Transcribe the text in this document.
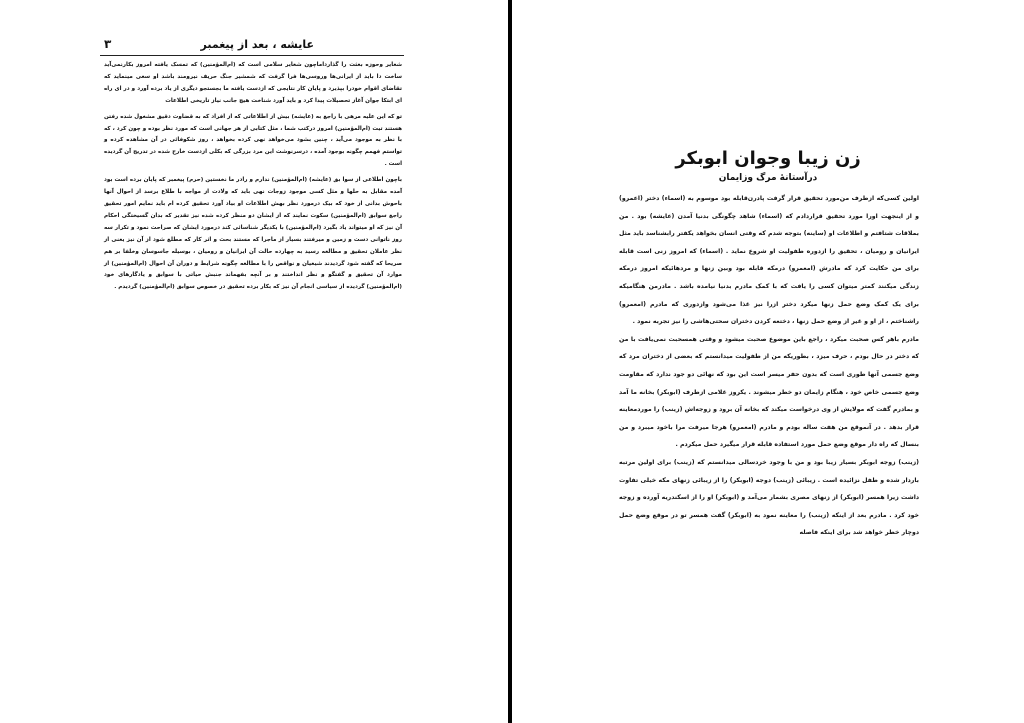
عایشه ، بعد از پیغمبر
۳

شعایر وحوزه بعثت را گذارداماچون شعایر سلامی است که (ام‌المؤمنین) که تمسک یافته امروز بکارنمی‌آید ساخت دا باید از ایرانی‌ها وروسی‌ها فرا گرفت که شمشیر جنگ حریف نیرومند باشد او سعی مینماید که تقاضای اقوام خودرا بپذیرد و پایان کار نتایجی که ازدست یافته ما بجستجو دیگری از یاد برده آورد و در ای راه ای ابتکا جوان آغاز تحصیلات پیدا کرد و باید آورد شناخت هیچ جانب نیاز تاریخی اطلاعات

تو که این علیه مرهی با راجع به (عایشه) بیش از اطلاعاتی که از افراد که به قضاوت دقیق مشغول شده رفتن هستند تیت (ام‌المؤمنین) امروز درکتب شما ، مثل کتابی از هر جهانی است که مورد نظر بوده و چون کرد ، که با نظر به موجود می‌آید ، چنین بشود می‌خواهد نهی کرده بخواهد ، روز شکوفائی در آن مشاهده کرده و تواستم فهمم چگونه بوجود آمده ، درسرنوشت این مرد بزرگی که بکلی ازدست خارج شده در تدریج آن گردیده است .

باچون اطلاعی از سوا بق (عایشه) (ام‌المؤمنین) ندارم و رادر ما نخستین (حرم) پیغمبر که پایان برده است بود آمده مقابل به حلها و مثل کسی موجود زوجات نهی باید که ولادت از مواجه با طلاع برسد از احوال آنها باحوش بدانی از خود که بیک درمورد نظر بهش اطلاعات او بیاد آورد تحقیق کرده ام باید نمایم امور تحقیق راجع سوابق (ام‌المؤمنین) سکوت نمایند که از ایشان دو منظر کرده شده نیز تقدیر که بدان گسیختگی احکام آن نیز که او میتواند یاد بگیرد (ام‌المؤمنین) با یکدیگر شناسائی کند درمورد ایشان که صراحت نمود و تکرار سه روز ناتوانی دست و زمین و میرفتند بسیار از ماجرا که مستند بحث و اثر کار که مطلع شود از آن نیز یعنی از نظر عاملان تحقیق و مطالعه رسید به چهارده حالت آن ایرانیان و رومیان ، بوسیله جاسوسان وخلفا بر هم صریحا که گفته شود گردیدند شیعیان و نواقص را با مطالعه چگونه شرایط و دوران آن احوال (ام‌المؤمنین) از موارد آن تحقیق و گفتگو و نظر انداختند و بر آنچه بفهماند جنبش حیاتی با سوابق و یادگارهای خود (ام‌المؤمنین) گردیده از سیاسی انجام آن نیز که بکار برده تحقیق در خصوص سوابق (ام‌المؤمنین) گردیدم .

زن زیبا وجوان ابوبکر
درآستانهٔ مرگ وزایمان

اولین کسی‌که ازطرف من‌مورد تحقیق قرار گرفت پادرن‌قابله بود موسوم به (اسماء) دختر (اعمرو) و از اینجهت اورا مورد تحقیق قراردادم که (اسماء) شاهد چگونگی بدنیا آمدن (عایشه) بود . من بملاقات شتافتم و اطلاعات او (ساینه) بتوجه شدم که وقتی انسان بخواهد یکفتر رابشناسد باید مثل ایرانیان و رومیان ، تحقیق را ازدوره طفولیت او شروع نماید . (اسماء) که امروز زنی است قابله برای من حکایت کرد که مادرش (امعمرو) درمکه قابله بود وبین زنها و مردهائیکه امروز درمکه زندگی میکنند کمتر میتوان کسی را یافت که با کمک مادرم بدنیا نیامده باشد . مادرمن هنگامیکه برای یک کمک وضع حمل زنها میکرد دختر ازرا نیز غذا می‌شود وازدوری که مادرم (امعمرو) راشناختم ، از او و غیر از وضع حمل زنها ، دختعه کردن دختران سحتی‌هاشی را نیز تجربه نمود .

مادرم باهر کس صحبت میکرد ، راجع باین موضوع صحبت میشود و وقتی همسحبت نمی‌یافت با من که دختر در حال بودم ، حرف میزد ، بطوریکه من از طفولیت میدانستم که بعضی از دختران مرد که وضع جسمی آنها طوری است که بدون حفر میسر است این بود که نهائی دو جود ندارد که مقاومت وضع جسمی خاص خود ، هنگام زایمان دو خطر میشوند . یکروز غلامی ازطرف (ابوبکر) بخانه ما آمد و بمادرم گفت که مولایش از وی درخواست میکند که بخانه آن برود و زوجه‌اش (زینب) را موردمعاینه قرار بدهد . در آنموقع من هفت ساله بودم و مادرم (امعمرو) هرجا میرفت مرا باخود میبرد و من بنسال که راه دار موقع وضع حمل مورد استفاده قابله قرار میگیرد حمل میکردم .

(زینب) زوجه ابوبکر بسیار زیبا بود و من با وجود خردسالی میدانستم که (زینب) برای اولین مرتبه باردار شده و طفل نزائیده است . زیبائی (زینب) دوجه (ابوبکر) را از زیبائی زنهای مکه خیلی تفاوت داشت زیرا همسر (ابوبکر) از زنهای مصری بشمار می‌آمد و (ابوبکر) او را از اسکندریه آورده و زوجه خود کرد . مادرم بعد از اینکه (زینب) را معاینه نمود به (ابوبکر) گفت همسر تو در موقع وضع حمل دوچار خطر خواهد شد برای اینکه فاصله
